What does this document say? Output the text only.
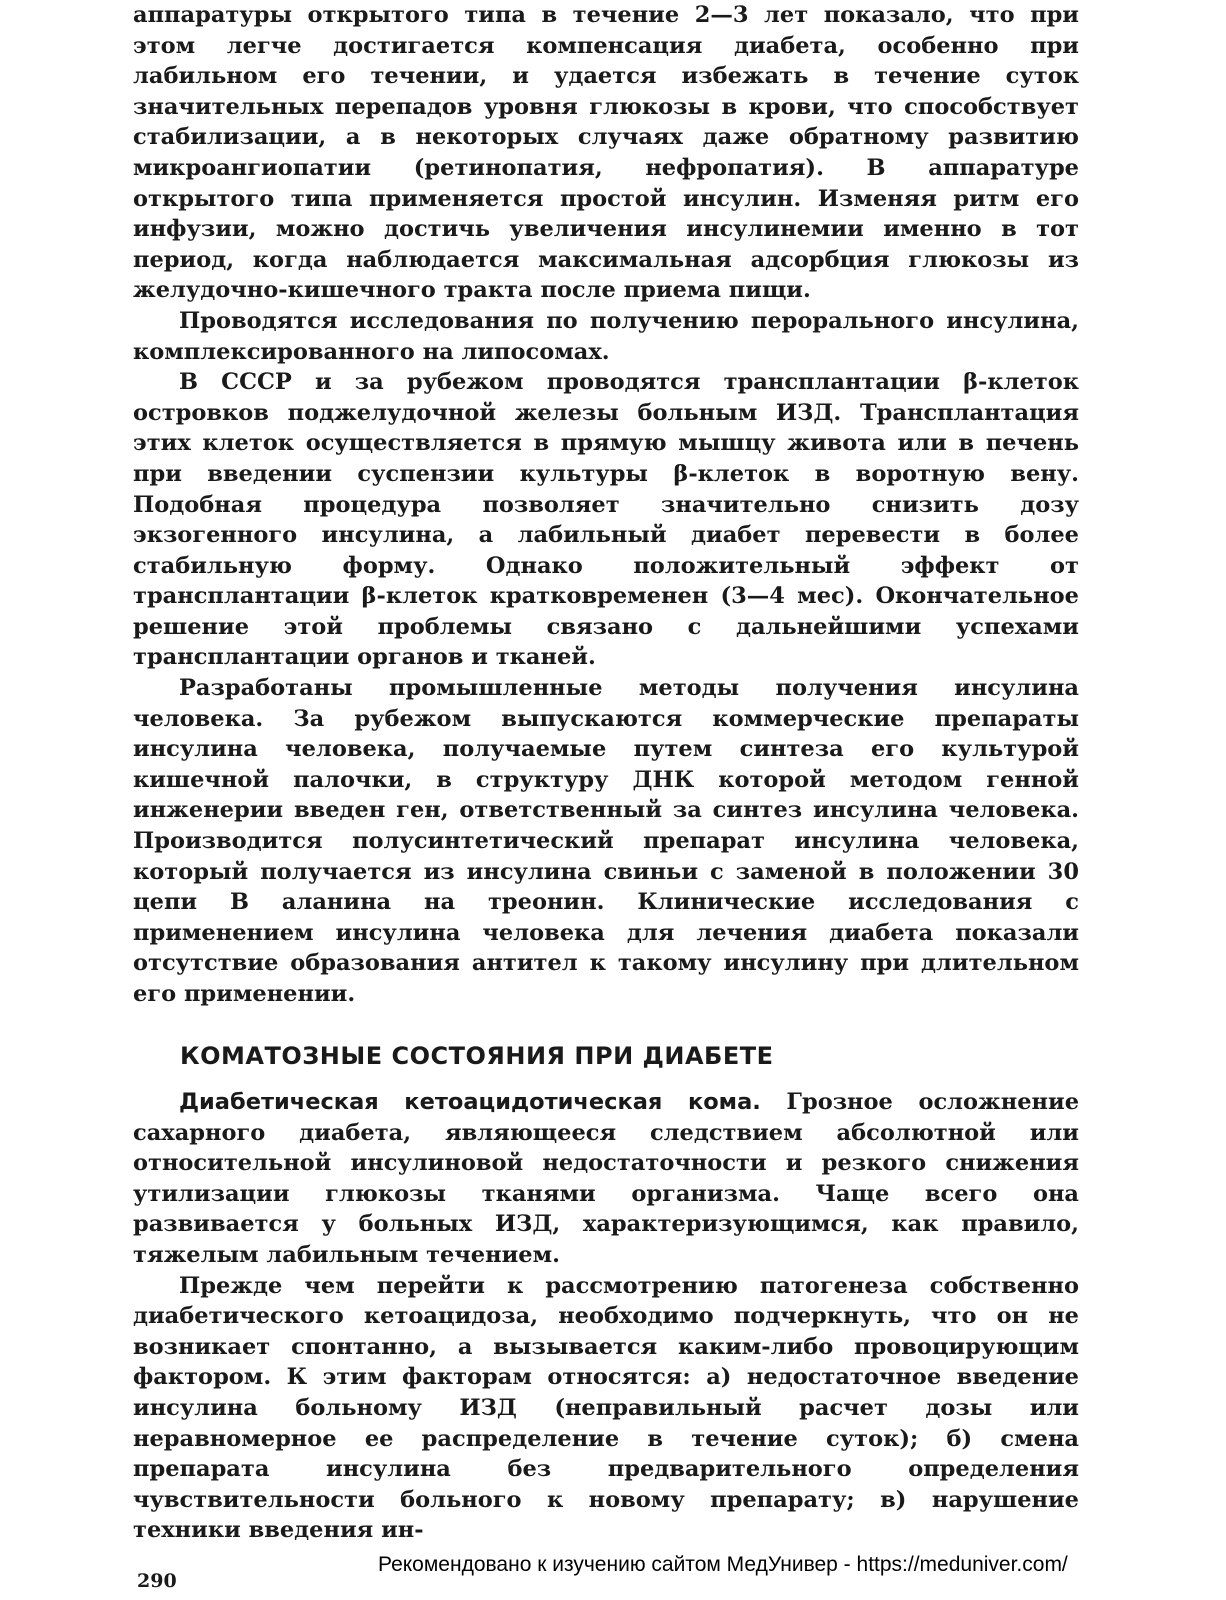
аппаратуры открытого типа в течение 2—3 лет показало, что при этом легче достигается компенсация диабета, особенно при лабильном его течении, и удается избежать в течение суток значительных перепадов уровня глюкозы в крови, что способствует стабилизации, а в некоторых случаях даже обратному развитию микроангиопатии (ретинопатия, нефропатия). В аппаратуре открытого типа применяется простой инсулин. Изменяя ритм его инфузии, можно достичь увеличения инсулинемии именно в тот период, когда наблюдается максимальная адсорбция глюкозы из желудочно-кишечного тракта после приема пищи.

Проводятся исследования по получению перорального инсулина, комплексированного на липосомах.

В СССР и за рубежом проводятся трансплантации β-клеток островков поджелудочной железы больным ИЗД. Трансплантация этих клеток осуществляется в прямую мышцу живота или в печень при введении суспензии культуры β-клеток в воротную вену. Подобная процедура позволяет значительно снизить дозу экзогенного инсулина, а лабильный диабет перевести в более стабильную форму. Однако положительный эффект от трансплантации β-клеток кратковременен (3—4 мес). Окончательное решение этой проблемы связано с дальнейшими успехами трансплантации органов и тканей.

Разработаны промышленные методы получения инсулина человека. За рубежом выпускаются коммерческие препараты инсулина человека, получаемые путем синтеза его культурой кишечной палочки, в структуру ДНК которой методом генной инженерии введен ген, ответственный за синтез инсулина человека. Производится полусинтетический препарат инсулина человека, который получается из инсулина свиньи с заменой в положении 30 цепи В аланина на треонин. Клинические исследования с применением инсулина человека для лечения диабета показали отсутствие образования антител к такому инсулину при длительном его применении.

КОМАТОЗНЫЕ СОСТОЯНИЯ ПРИ ДИАБЕТЕ

Диабетическая кетоацидотическая кома. Грозное осложнение сахарного диабета, являющееся следствием абсолютной или относительной инсулиновой недостаточности и резкого снижения утилизации глюкозы тканями организма. Чаще всего она развивается у больных ИЗД, характеризующимся, как правило, тяжелым лабильным течением.

Прежде чем перейти к рассмотрению патогенеза собственно диабетического кетоацидоза, необходимо подчеркнуть, что он не возникает спонтанно, а вызывается каким-либо провоцирующим фактором. К этим факторам относятся: а) недостаточное введение инсулина больному ИЗД (неправильный расчет дозы или неравномерное ее распределение в течение суток); б) смена препарата инсулина без предварительного определения чувствительности больного к новому препарату; в) нарушение техники введения ин-

Рекомендовано к изучению сайтом МедУнивер - https://meduniver.com/
290
